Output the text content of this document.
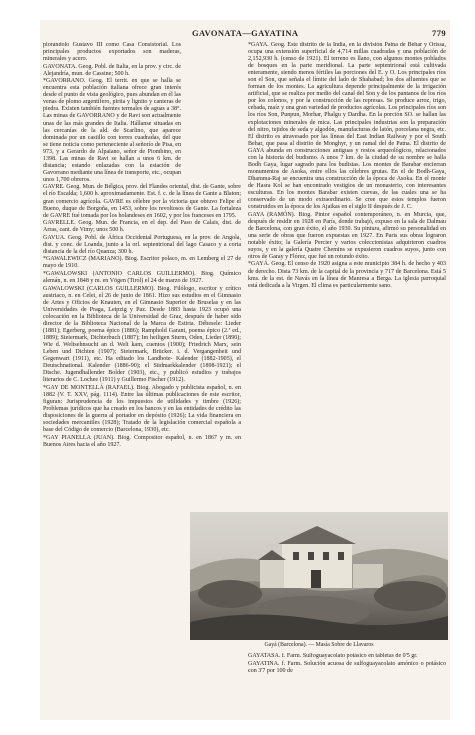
GAVONATA—GAYATINA	779

plorándolo Gustavo III como Casa Consistorial. Los principales productos exportados son maderas, minerales y acero.

GAVONATA. Geog. Pobl. de Italia, en la prov. y circ. de Alejandría, mun. de Cassine; 500 h.

*GAVORRANO. Geog. El territ. en que se halla se encuentra esta población italiana ofrece gran interés desde el punto de vista geológico, pues abundan en él las venas de plomo argentífero, pirita y lignito y canteras de piedra. Existen también fuentes termales de aguas a 38°. Las minas de GAVORRANO y de Ravi son actualmente unas de las más grandes de Italia. Hállanse situadas en las cercanías de la ald. de Scarlino, que aparece dominada por un castillo con torres cuadradas, del que se tiene noticia como perteneciente al señorío de Pisa, en 973, y a Gerardo de Alpaiano, señor de Piombino, en 1398. Las minas de Ravi se hallan a unos 6 km. de distancia; estando enlazadas con la estación de Gavorrano mediante una línea de transporte, etc., ocupan unos 1,700 obreros.

GAVRE. Geog. Mun. de Bélgica, prov. del Flandes oriental, dist. de Gante, sobre el río Escalda; 1,600 h. aproximadamente. Est. f. c. de la línea de Gante a Blaton; gran comercio agrícola. GAVRE es célebre por la victoria que obtuvo Felipe el Bueno, duque de Borgoña, en 1453, sobre los revoltosos de Gante. La fortaleza de GAVRE fué tomada por los holandeses en 1602, y por los franceses en 1795.

GAVRELLE. Geog. Mun. de Francia, en el dep. del Paso de Calais, dist. de Arras, cant. de Vimy; unos 500 h.

GAVUA. Geog. Pobl. de África Occidental Portuguesa, en la prov. de Angola, dist. y conc. de Loanda, junto a la orl. septentrional del lago Casaco y a corta distancia de la del río Quanza; 300 h.

*GAWALEWICZ (MARIANO). Biog. Escritor polaco, m. en Lemberg el 27 de mayo de 1910.

*GAWALOWSKI (ANTONIO CARLOS GUILLERMO). Biog. Químico alemán, n. en 1848 y m. en Vögen (Tirol) el 24 de marzo de 1927.

GAWALOWSKI (CARLOS GUILLERMO). Biog. Filólogo, escritor y crítico austriaco, n. en Celei, el 26 de junio de 1861. Hizo sus estudios en el Gimnasio de Artes y Oficios de Knauten, en el Gimnasio Superior de Bruselas y en las Universidades de Praga, Leipzig y Paz. Desde 1883 hasta 1923 ocupó una colocación en la Biblioteca de la Universidad de Graz, después de haber sido director de la Biblioteca Nacional de la Marca de Estiria. Débesele: Lieder (1881); Egerberg, poema épico (1886); Ramphold Garant, poema épico (2.ª ed., 1889); Steiermark, Dichterbuch (1887); Im heiligen Sturm, Oden, Lieder (1890); Wie d. Weltsehnsucht an d. Welt kam, cuentos (1900); Friedrich Marx, sein Leben und Dichten (1907); Steiermark, Brücker. i. d. Vergangenheit und Gegenwart (1911), etc. Ha editado los Landbote- Kalender (1882-1905), el Deutschnational. Kalender (1886-90); el Südmarkkalender (1898-1921); el Dtsche. Jugendhallender Bolder (1903), etc., y publicó estudios y trabajos literarios de C. Lochee (1911) y Guillermo Fischer (1912).

*GAY DE MONTELLÁ (RAFAEL). Biog. Abogado y publicista español, n. en 1882 (V. T. XXV, pág. 1114). Entre las últimas publicaciones de este escritor, figuran: Jurisprudencia de los impuestos de utilidades y timbre (1926); Problemas jurídicos que ha creado en los bancos y en las entidades de crédito las disposiciones de la guerra al portador en depósito (1926); La vida financiera en sociedades mercantiles (1928); Tratado de la legislación comercial española a base del Código de comercio (Barcelona, 1930), etc.

*GAY PIANELLA (JUAN). Biog. Compositor español, n. en 1867 y m. en Buenos Aires hacia el año 1927.

*GAYA. Geog. Este distrito de la India, en la división Patna de Behar y Orissa, ocupa una extensión superficial de 4,714 millas cuadradas y una población de 2,152,930 h. (censo de 1921). El terreno es llano, con algunos montes poblados de bosques en la parte meridional. La parte septentrional está cultivada enteramente, siendo menos fértiles las porciones del E. y O. Los principales ríos son el Son, que señala el límite del lado de Shahabad; los dos afluentes que se forman de los montes. La agricultura depende principalmente de la irrigación artificial, que se realiza por medio del canal del Son y de los pantanos de los ríos por los colonos, y por la construcción de las represas. Se produce arroz, trigo, cebada, maíz y una gran variedad de productos agrícolas. Los principales ríos son los ríos Son, Punpun, Morhar, Phalgu y Dardha. En la porción SO. se hallan las explotaciones minerales de mica. Las principales industrias son la preparación del nitro, tejidos de seda y algodón, manufacturas de latón, porcelana negra, etc. El distrito es atravesado por las líneas del East Indian Railway y por el South Behar, que pasa al distrito de Monghyr, y un ramal del de Patna. El distrito de GAYA abunda en construcciones antiguas y restos arqueológicos, relacionados con la historia del budismo. A unos 7 km. de la ciudad de su nombre se halla Bodh Gaya, lugar sagrado para los budistas. Los montes de Barabar encierran monumentos de Asoka, entre ellos las célebres grutas. En el de Bodh-Gaya, Dhamma-Raj se encuentra una construcción de la época de Asoka. En el monte de Hasra Kol se han encontrado vestigios de un monasterio, con interesantes esculturas. En los montes Barabar existen cuevas, de las cuales una se ha conservado de un modo extraordinario. Se cree que estos templos fueron construidos en la época de los Ajaikas en el siglo II después de J. C.

GAYA (RAMÓN). Biog. Pintor español contemporáneo, n. en Murcia, que, después de residir en 1928 en París, donde trabajó, expuso en la sala de Dalmau de Barcelona, con gran éxito, el año 1930. Su pintura, afirmó su personalidad en una serie de obras que fueron expuestas en 1927. En Paris sus obras lograron notable éxito; la Galería Percier y varios coleccionistas adquirieron cuadros suyos, y en la galería Quatre Chemins se expusieron cuadros suyos, junto con otros de Garay y Flórez, que fué un rotundo éxito.

*GAYÁ. Geog. El censo de 1920 asigna a este municipio 384 h. de hecho y 403 de derecho. Dista 73 km. de la capital de la provincia y 717 de Barcelona. Está 5 kms. de la est. de Navás en la línea de Manresa a Berga. La iglesia parroquial está dedicada a la Virgen. El clima es particularmente sano.

Gayá (Barcelona). — Masía Sobre de Llavaros

GAYATASA. f. Farm. Sulfoguayacolato potásico en tabletas de 0'5 gr.

GAYATINA. f. Farm. Solución acuosa de sulfoguayacolato amónico o potásico con 3'7 por 100 de
